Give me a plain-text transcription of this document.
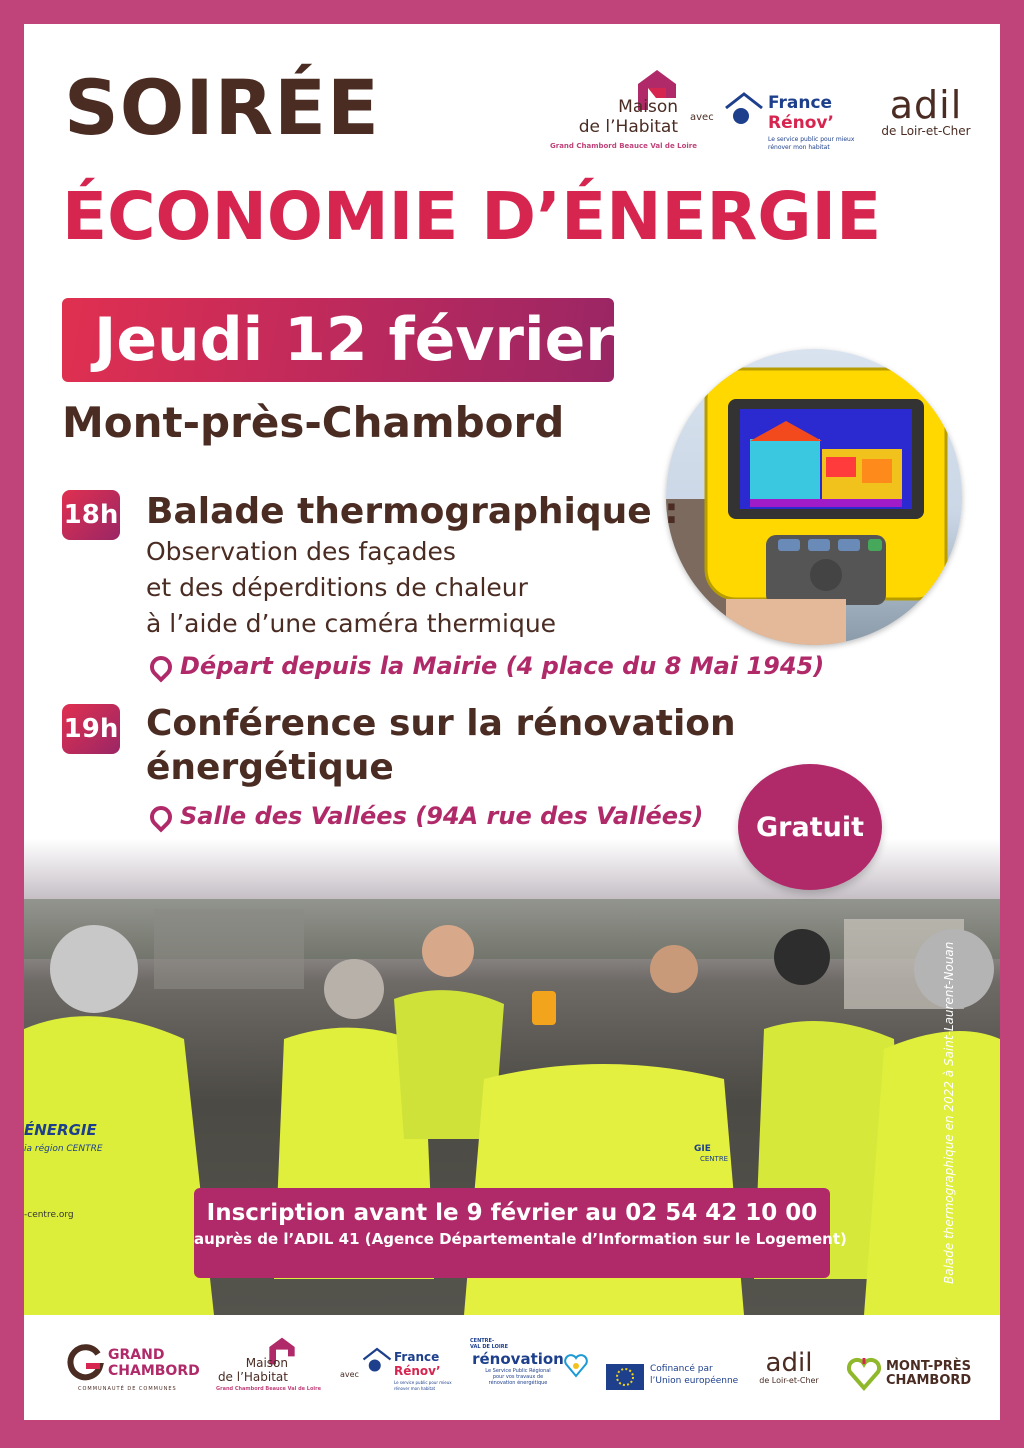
SOIRÉE
ÉCONOMIE D’ÉNERGIE
Maison
de l’Habitat
Grand Chambord Beauce Val de Loire
avec
France
Rénov’
Le service public pour mieux
rénover mon habitat
adil
de Loir-et-Cher
Jeudi 12 février
Mont-près-Chambord
18h Balade thermographique :
Observation des façades
et des déperditions de chaleur
à l’aide d’une caméra thermique
Départ depuis la Mairie (4 place du 8 Mai 1945)
19h Conférence sur la rénovation
énergétique
Salle des Vallées (94A rue des Vallées)
ÉNERGIE
ia région CENTRE
-centre.org
GIE
CENTRE
Gratuit
Inscription avant le 9 février au 02 54 42 10 00
auprès de l’ADIL 41 (Agence Départementale d’Information sur le Logement)	Balade thermographique en 2022 à Saint-Laurent-Nouan
GRAND
CHAMBORD
COMMUNAUTÉ DE COMMUNES
Maison
de l’Habitat
Grand Chambord Beauce Val de Loire
avec
France
Rénov’
Le service public pour mieux
rénover mon habitat
CENTRE-
VAL DE LOIRE
rénovation
Le Service Public Régional
pour vos travaux de
rénovation énergétique
Cofinancé par
l’Union européenne
adil
de Loir-et-Cher
MONT-PRÈS
CHAMBORD
